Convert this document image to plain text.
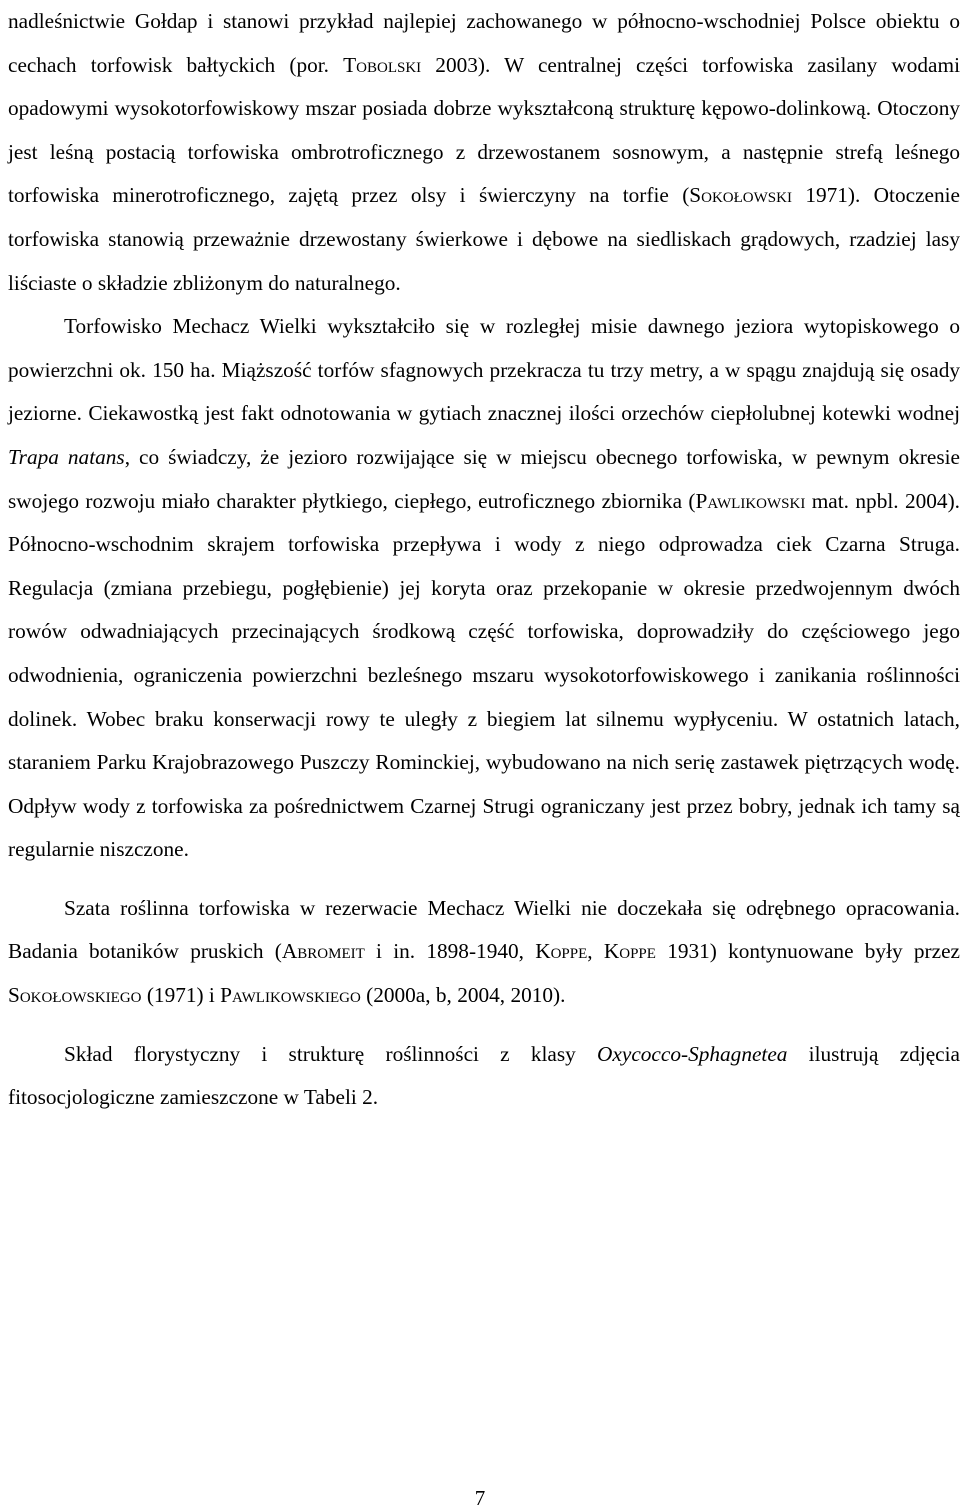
nadleśnictwie Gołdap i stanowi przykład najlepiej zachowanego w północno-wschodniej Polsce obiektu o cechach torfowisk bałtyckich (por. Tobolski 2003). W centralnej części torfowiska zasilany wodami opadowymi wysokotorfowiskowy mszar posiada dobrze wykształconą strukturę kępowo-dolinkową. Otoczony jest leśną postacią torfowiska ombrotroficznego z drzewostanem sosnowym, a następnie strefą leśnego torfowiska minerotroficznego, zajętą przez olsy i świerczyny na torfie (Sokołowski 1971). Otoczenie torfowiska stanowią przeważnie drzewostany świerkowe i dębowe na siedliskach grądowych, rzadziej lasy liściaste o składzie zbliżonym do naturalnego.

Torfowisko Mechacz Wielki wykształciło się w rozległej misie dawnego jeziora wytopiskowego o powierzchni ok. 150 ha. Miąższość torfów sfagnowych przekracza tu trzy metry, a w spągu znajdują się osady jeziorne. Ciekawostką jest fakt odnotowania w gytiach znacznej ilości orzechów ciepłolubnej kotewki wodnej Trapa natans, co świadczy, że jezioro rozwijające się w miejscu obecnego torfowiska, w pewnym okresie swojego rozwoju miało charakter płytkiego, ciepłego, eutroficznego zbiornika (Pawlikowski mat. npbl. 2004). Północno-wschodnim skrajem torfowiska przepływa i wody z niego odprowadza ciek Czarna Struga. Regulacja (zmiana przebiegu, pogłębienie) jej koryta oraz przekopanie w okresie przedwojennym dwóch rowów odwadniających przecinających środkową część torfowiska, doprowadziły do częściowego jego odwodnienia, ograniczenia powierzchni bezleśnego mszaru wysokotorfowiskowego i zanikania roślinności dolinek. Wobec braku konserwacji rowy te uległy z biegiem lat silnemu wypłyceniu. W ostatnich latach, staraniem Parku Krajobrazowego Puszczy Rominckiej, wybudowano na nich serię zastawek piętrzących wodę. Odpływ wody z torfowiska za pośrednictwem Czarnej Strugi ograniczany jest przez bobry, jednak ich tamy są regularnie niszczone.

Szata roślinna torfowiska w rezerwacie Mechacz Wielki nie doczekała się odrębnego opracowania. Badania botaników pruskich (Abromeit i in. 1898-1940, Koppe, Koppe 1931) kontynuowane były przez Sokołowskiego (1971) i Pawlikowskiego (2000a, b, 2004, 2010).

Skład florystyczny i strukturę roślinności z klasy Oxycocco-Sphagnetea ilustrują zdjęcia fitosocjologiczne zamieszczone w Tabeli 2.

7
